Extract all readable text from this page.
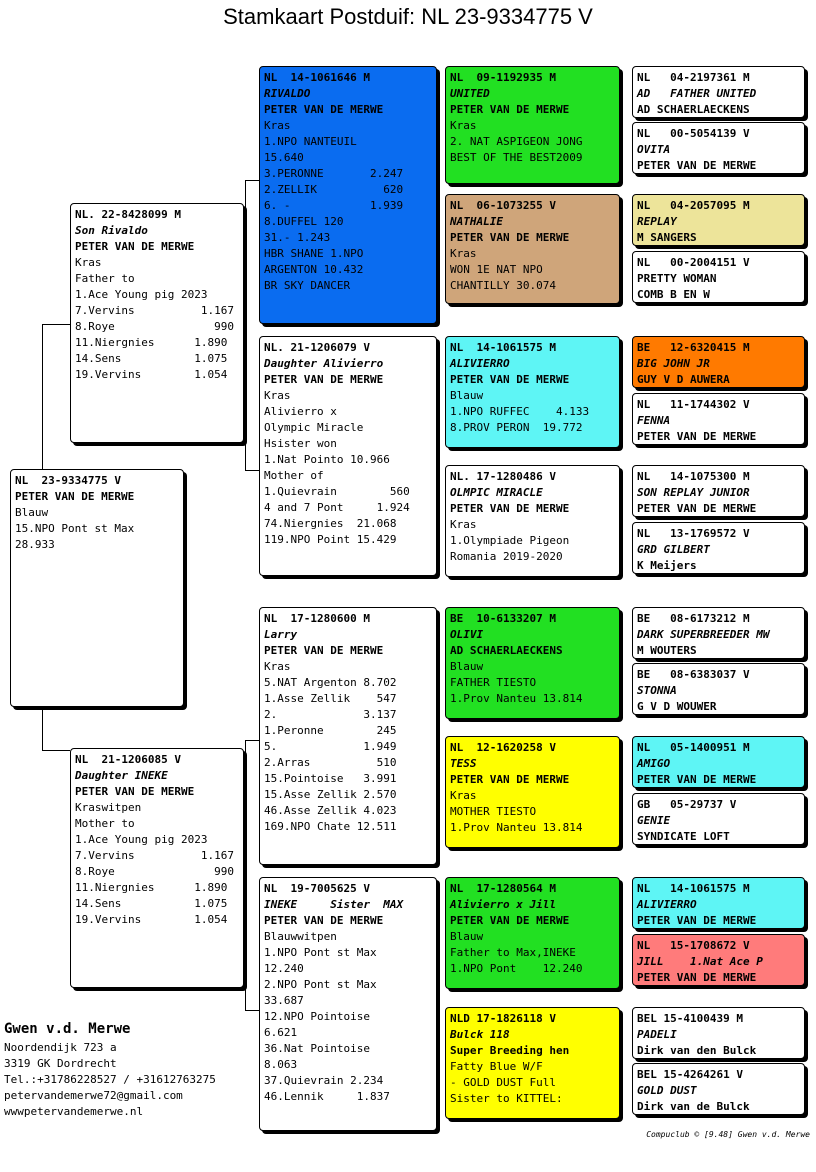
Stamkaart Postduif: NL 23-9334775 V
NL  23-9334775 V
PETER VAN DE MERWE
Blauw
15.NPO Pont st Max
28.933
NL. 22-8428099 M
Son Rivaldo
PETER VAN DE MERWE
Kras
Father to
1.Ace Young pig 2023
7.Vervins          1.167
8.Roye               990
11.Niergnies      1.890
14.Sens           1.075
19.Vervins        1.054
NL  21-1206085 V
Daughter INEKE
PETER VAN DE MERWE
Kraswitpen
Mother to
1.Ace Young pig 2023
7.Vervins          1.167
8.Roye               990
11.Niergnies      1.890
14.Sens           1.075
19.Vervins        1.054
NL  14-1061646 M
RIVALDO
PETER VAN DE MERWE
Kras
1.NPO NANTEUIL
15.640
3.PERONNE       2.247
2.ZELLIK          620
6. -            1.939
8.DUFFEL 120
31.- 1.243
HBR SHANE 1.NPO
ARGENTON 10.432
BR SKY DANCER
NL. 21-1206079 V
Daughter Alivierro
PETER VAN DE MERWE
Kras
Alivierro x
Olympic Miracle
Hsister won
1.Nat Pointo 10.966
Mother of
1.Quievrain        560
4 and 7 Pont     1.924
74.Niergnies  21.068
119.NPO Point 15.429
NL  17-1280600 M
Larry
PETER VAN DE MERWE
Kras
5.NAT Argenton 8.702
1.Asse Zellik    547
2.             3.137
1.Peronne        245
5.             1.949
2.Arras          510
15.Pointoise   3.991
15.Asse Zellik 2.570
46.Asse Zellik 4.023
169.NPO Chate 12.511
NL  19-7005625 V
INEKE     Sister  MAX
PETER VAN DE MERWE
Blauwwitpen
1.NPO Pont st Max
12.240
2.NPO Pont st Max
33.687
12.NPO Pointoise
6.621
36.Nat Pointoise
8.063
37.Quievrain 2.234
46.Lennik     1.837
NL  09-1192935 M
UNITED
PETER VAN DE MERWE
Kras
2. NAT ASPIGEON JONG
BEST OF THE BEST2009
NL  06-1073255 V
NATHALIE
PETER VAN DE MERWE
Kras
WON 1E NAT NPO
CHANTILLY 30.074
NL  14-1061575 M
ALIVIERRO
PETER VAN DE MERWE
Blauw
1.NPO RUFFEC    4.133
8.PROV PERON  19.772
NL. 17-1280486 V
OLMPIC MIRACLE
PETER VAN DE MERWE
Kras
1.Olympiade Pigeon
Romania 2019-2020
BE  10-6133207 M
OLIVI
AD SCHAERLAECKENS
Blauw
FATHER TIESTO
1.Prov Nanteu 13.814
NL  12-1620258 V
TESS
PETER VAN DE MERWE
Kras
MOTHER TIESTO
1.Prov Nanteu 13.814
NL  17-1280564 M
Alivierro x Jill
PETER VAN DE MERWE
Blauw
Father to Max,INEKE
1.NPO Pont    12.240
NLD 17-1826118 V
Bulck 118
Super Breeding hen
Fatty Blue W/F
- GOLD DUST Full
Sister to KITTEL:
NL   04-2197361 M
AD   FATHER UNITED
AD SCHAERLAECKENS
NL   00-5054139 V
OVITA
PETER VAN DE MERWE
NL   04-2057095 M
REPLAY
M SANGERS
NL   00-2004151 V
PRETTY WOMAN
COMB B EN W
BE   12-6320415 M
BIG JOHN JR
GUY V D AUWERA
NL   11-1744302 V
FENNA
PETER VAN DE MERWE
NL   14-1075300 M
SON REPLAY JUNIOR
PETER VAN DE MERWE
NL   13-1769572 V
GRD GILBERT
K Meijers
BE   08-6173212 M
DARK SUPERBREEDER MW
M WOUTERS
BE   08-6383037 V
STONNA
G V D WOUWER
NL   05-1400951 M
AMIGO
PETER VAN DE MERWE
GB   05-29737 V
GENIE
SYNDICATE LOFT
NL   14-1061575 M
ALIVIERRO
PETER VAN DE MERWE
NL   15-1708672 V
JILL    1.Nat Ace P
PETER VAN DE MERWE
BEL 15-4100439 M
PADELI
Dirk van den Bulck
BEL 15-4264261 V
GOLD DUST
Dirk van de Bulck
Gwen v.d. Merwe
Noordendijk 723 a
3319 GK Dordrecht
Tel.:+31786228527 / +31612763275
petervandemerwe72@gmail.com
wwwpetervandemerwe.nl
Compuclub © [9.48] Gwen v.d. Merwe
